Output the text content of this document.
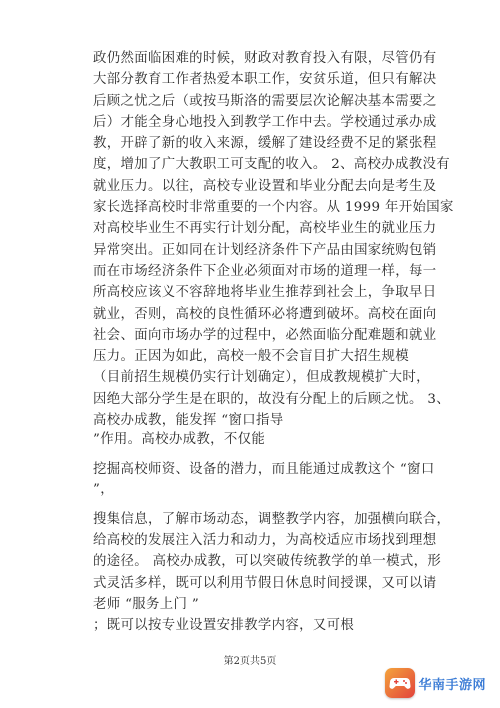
政仍然面临困难的时候，财政对教育投入有限，尽管仍有
大部分教育工作者热爱本职工作，安贫乐道，但只有解决
后顾之忧之后（或按马斯洛的需要层次论解决基本需要之
后）才能全身心地投入到教学工作中去。学校通过承办成
教，开辟了新的收入来源，缓解了建设经费不足的紧张程
度，增加了广大教职工可支配的收入。 2、高校办成教没有
就业压力。以往，高校专业设置和毕业分配去向是考生及
家长选择高校时非常重要的一个内容。从 1999 年开始国家
对高校毕业生不再实行计划分配，高校毕业生的就业压力
异常突出。正如同在计划经济条件下产品由国家统购包销
而在市场经济条件下企业必须面对市场的道理一样，每一
所高校应该义不容辞地将毕业生推荐到社会上，争取早日
就业，否则，高校的良性循环必将遭到破坏。高校在面向
社会、面向市场办学的过程中，必然面临分配难题和就业
压力。正因为如此，高校一般不会盲目扩大招生规模
（目前招生规模仍实行计划确定），但成教规模扩大时，
因绝大部分学生是在职的，故没有分配上的后顾之忧。 3、
高校办成教，能发挥 “窗口指导
”作用。高校办成教，不仅能
挖掘高校师资、设备的潜力，而且能通过成教这个 “窗口
”，
搜集信息，了解市场动态，调整教学内容，加强横向联合，
给高校的发展注入活力和动力，为高校适应市场找到理想
的途径。 高校办成教，可以突破传统教学的单一模式，形
式灵活多样，既可以利用节假日休息时间授课，又可以请
老师 “服务上门 ”
；既可以按专业设置安排教学内容，又可根
第2页共5页
华南手游网
